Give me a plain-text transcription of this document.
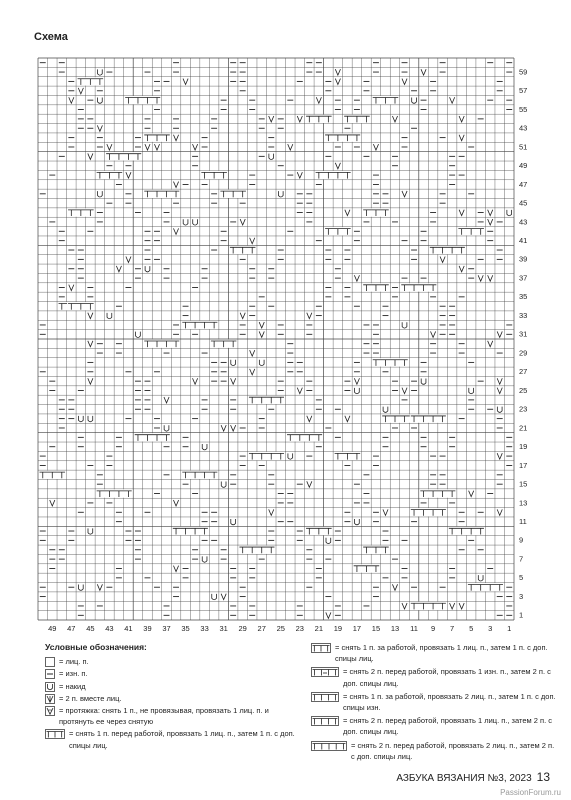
Схема
59
57
55
43
51
49
47
45
43
41
39
37
35
33
31
29
27
25
23
21
19
17
15
13
11
9
7
5
3
1
49 47 45 43 41 39 37 35 33 31 29 27 25 23 21 19 17 15 13 11 9 7 5 3 1
Условные обозначения:
= лиц. п.
= изн. п.
= накид
= 2 п. вместе лиц.
= протяжка: снять 1 п., не провязывая, провязать 1 лиц. п. и протянуть ее через снятую
= снять 1 п. перед работой, провязать 1 лиц. п., затем 1 п. с доп. спицы лиц.
= снять 1 п. за работой, провязать 1 лиц. п., затем 1 п. с доп. спицы лиц.
= снять 2 п. перед работой, провязать 1 изн. п., затем 2 п. с доп. спицы лиц.
= снять 1 п. за работой, провязать 2 лиц. п., затем 1 п. с доп. спицы изн.
= снять 2 п. перед работой, провязать 1 лиц. п., затем 2 п. с доп. спицы лиц.
= снять 2 п. перед работой, провязать 2 лиц. п., затем 2 п. с доп. спицы лиц.
АЗБУКА ВЯЗАНИЯ №3, 2023 13
PassionForum.ru
